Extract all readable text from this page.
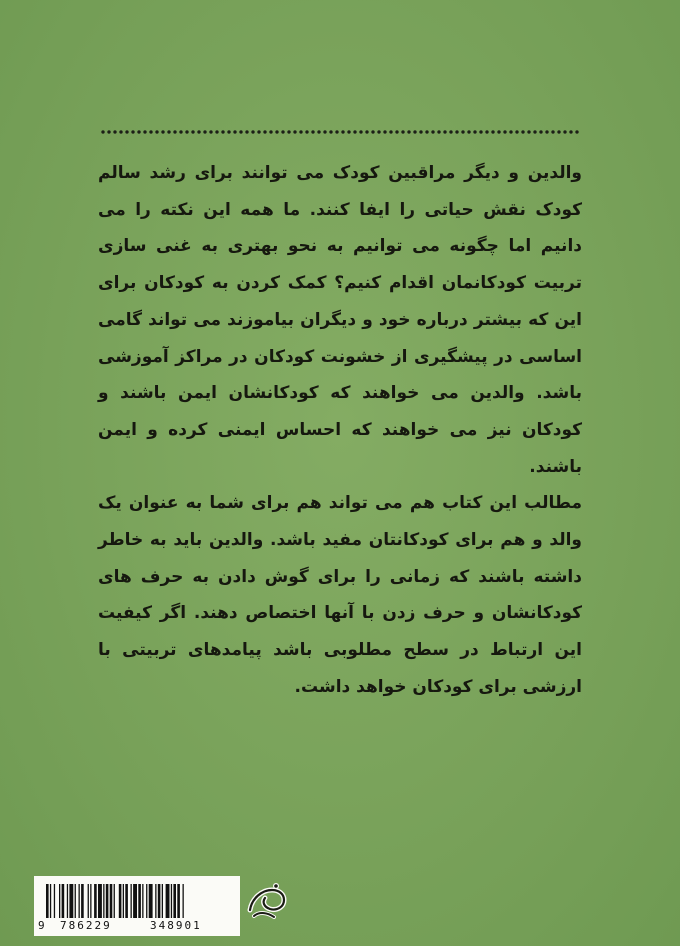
والدین و دیگر مراقبین کودک می توانند برای رشد سالم کودک نقش حیاتی را ایفا کنند. ما همه این نکته را می دانیم اما چگونه می توانیم به نحو بهتری به غنی سازی تربیت کودکانمان اقدام کنیم؟ کمک کردن به کودکان برای این که بیشتر درباره خود و دیگران بیاموزند می تواند گامی اساسی در پیشگیری از خشونت کودکان در مراکز آموزشی باشد. والدین می خواهند که کودکانشان ایمن باشند و کودکان نیز می خواهند که احساس ایمنی کرده و ایمن باشند.

مطالب این کتاب هم می تواند هم برای شما به عنوان یک والد و هم برای کودکانتان مفید باشد. والدین باید به خاطر داشته باشند که زمانی را برای گوش دادن به حرف های کودکانشان و حرف زدن با آنها اختصاص دهند. اگر کیفیت این ارتباط در سطح مطلوبی باشد پیامدهای تربیتی با ارزشی برای کودکان خواهد داشت.

9 786229	348901
